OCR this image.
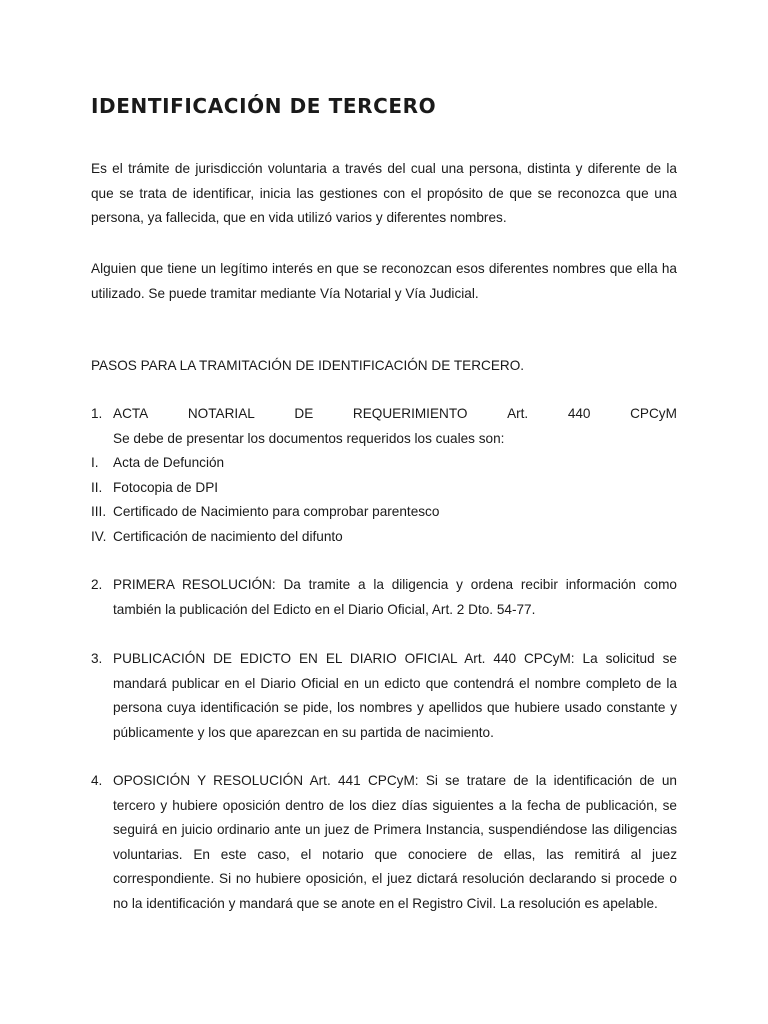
IDENTIFICACIÓN DE TERCERO

Es el trámite de jurisdicción voluntaria a través del cual una persona, distinta y diferente de la que se trata de identificar, inicia las gestiones con el propósito de que se reconozca que una persona, ya fallecida, que en vida utilizó varios y diferentes nombres.

Alguien que tiene un legítimo interés en que se reconozcan esos diferentes nombres que ella ha utilizado. Se puede tramitar mediante Vía Notarial y Vía Judicial.

PASOS PARA LA TRAMITACIÓN DE IDENTIFICACIÓN DE TERCERO.

1. ACTA	NOTARIAL	DE	REQUERIMIENTO	Art.	440	CPCyM
Se debe de presentar los documentos requeridos los cuales son:
I. Acta de Defunción
II. Fotocopia de DPI
III. Certificado de Nacimiento para comprobar parentesco
IV. Certificación de nacimiento del difunto
2. PRIMERA RESOLUCIÓN: Da tramite a la diligencia y ordena recibir información como también la publicación del Edicto en el Diario Oficial, Art. 2 Dto. 54-77.
3. PUBLICACIÓN DE EDICTO EN EL DIARIO OFICIAL Art. 440 CPCyM: La solicitud se mandará publicar en el Diario Oficial en un edicto que contendrá el nombre completo de la persona cuya identificación se pide, los nombres y apellidos que hubiere usado constante y públicamente y los que aparezcan en su partida de nacimiento.
4. OPOSICIÓN Y RESOLUCIÓN Art. 441 CPCyM: Si se tratare de la identificación de un tercero y hubiere oposición dentro de los diez días siguientes a la fecha de publicación, se seguirá en juicio ordinario ante un juez de Primera Instancia, suspendiéndose las diligencias voluntarias. En este caso, el notario que conociere de ellas, las remitirá al juez correspondiente. Si no hubiere oposición, el juez dictará resolución declarando si procede o no la identificación y mandará que se anote en el Registro Civil. La resolución es apelable.
